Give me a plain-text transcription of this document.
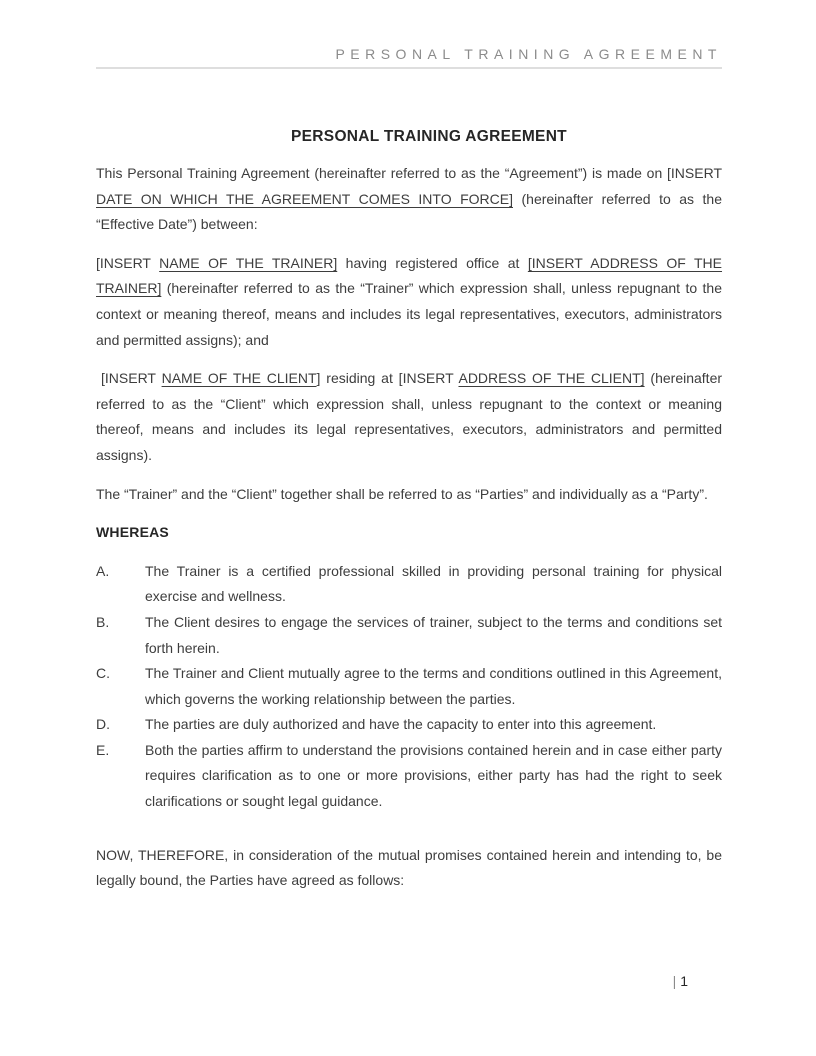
PERSONAL TRAINING AGREEMENT
PERSONAL TRAINING AGREEMENT
This Personal Training Agreement (hereinafter referred to as the “Agreement”) is made on [INSERT DATE ON WHICH THE AGREEMENT COMES INTO FORCE] (hereinafter referred to as the “Effective Date”) between:
[INSERT NAME OF THE TRAINER] having registered office at [INSERT ADDRESS OF THE TRAINER] (hereinafter referred to as the “Trainer” which expression shall, unless repugnant to the context or meaning thereof, means and includes its legal representatives, executors, administrators and permitted assigns); and
[INSERT NAME OF THE CLIENT] residing at [INSERT ADDRESS OF THE CLIENT] (hereinafter referred to as the “Client” which expression shall, unless repugnant to the context or meaning thereof, means and includes its legal representatives, executors, administrators and permitted assigns).
The “Trainer” and the “Client” together shall be referred to as “Parties” and individually as a “Party”.
WHEREAS
A.	The Trainer is a certified professional skilled in providing personal training for physical exercise and wellness.
B.	The Client desires to engage the services of trainer, subject to the terms and conditions set forth herein.
C.	The Trainer and Client mutually agree to the terms and conditions outlined in this Agreement, which governs the working relationship between the parties.
D.	The parties are duly authorized and have the capacity to enter into this agreement.
E.	Both the parties affirm to understand the provisions contained herein and in case either party requires clarification as to one or more provisions, either party has had the right to seek clarifications or sought legal guidance.
NOW, THEREFORE, in consideration of the mutual promises contained herein and intending to, be legally bound, the Parties have agreed as follows:
| 1
